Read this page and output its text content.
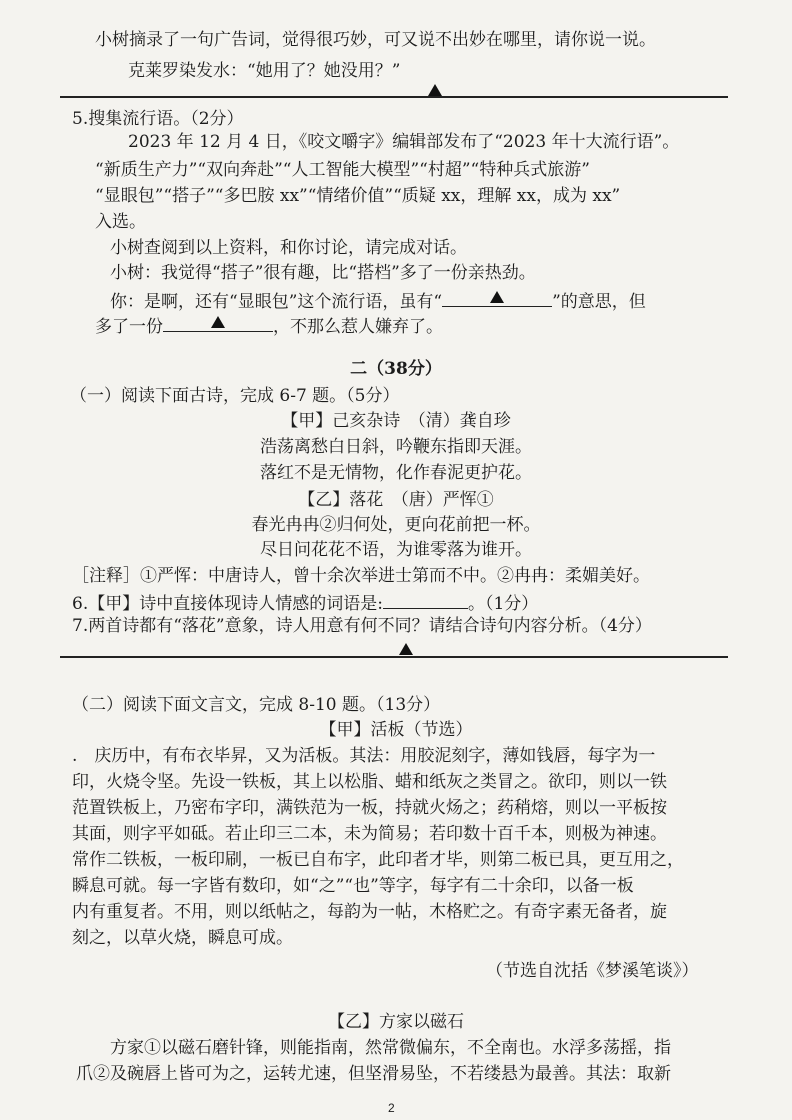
小树摘录了一句广告词，觉得很巧妙，可又说不出妙在哪里，请你说一说。
克莱罗染发水：“她用了？她没用？”
5.搜集流行语。（2分）
2023 年 12 月 4 日，《咬文嚼字》编辑部发布了“2023 年十大流行语”。
“新质生产力”“双向奔赴”“人工智能大模型”“村超”“特种兵式旅游”
“显眼包”“搭子”“多巴胺 xx”“情绪价值”“质疑 xx，理解 xx，成为 xx”
入选。
小树查阅到以上资料，和你讨论，请完成对话。
小树：我觉得“搭子”很有趣，比“搭档”多了一份亲热劲。
你：是啊，还有“显眼包”这个流行语，虽有“	”的意思，但
多了一份	，不那么惹人嫌弃了。
二（38分）
（一）阅读下面古诗，完成 6-7 题。（5分）
【甲】己亥杂诗　（清）龚自珍
浩荡离愁白日斜，吟鞭东指即天涯。
落红不是无情物，化作春泥更护花。
【乙】落花　（唐）严恽①
春光冉冉②归何处，更向花前把一杯。
尽日问花花不语，为谁零落为谁开。
［注释］①严恽：中唐诗人，曾十余次举进士第而不中。②冉冉：柔媚美好。
6.【甲】诗中直接体现诗人情感的词语是:	。（1分）
7.两首诗都有“落花”意象，诗人用意有何不同？请结合诗句内容分析。（4分）
（二）阅读下面文言文，完成 8-10 题。（13分）
【甲】活板（节选）
.　庆历中，有布衣毕昇，又为活板。其法：用胶泥刻字，薄如钱唇，每字为一
印，火烧令坚。先设一铁板，其上以松脂、蜡和纸灰之类冒之。欲印，则以一铁
范置铁板上，乃密布字印，满铁范为一板，持就火炀之；药稍熔，则以一平板按
其面，则字平如砥。若止印三二本，未为简易；若印数十百千本，则极为神速。
常作二铁板，一板印刷，一板已自布字，此印者才毕，则第二板已具，更互用之，
瞬息可就。每一字皆有数印，如“之”“也”等字，每字有二十余印，以备一板
内有重复者。不用，则以纸帖之，每韵为一帖，木格贮之。有奇字素无备者，旋
刻之，以草火烧，瞬息可成。
（节选自沈括《梦溪笔谈》）
【乙】方家以磁石
方家①以磁石磨针锋，则能指南，然常微偏东，不全南也。水浮多荡摇，指
爪②及碗唇上皆可为之，运转尤速，但坚滑易坠，不若缕悬为最善。其法：取新
2
